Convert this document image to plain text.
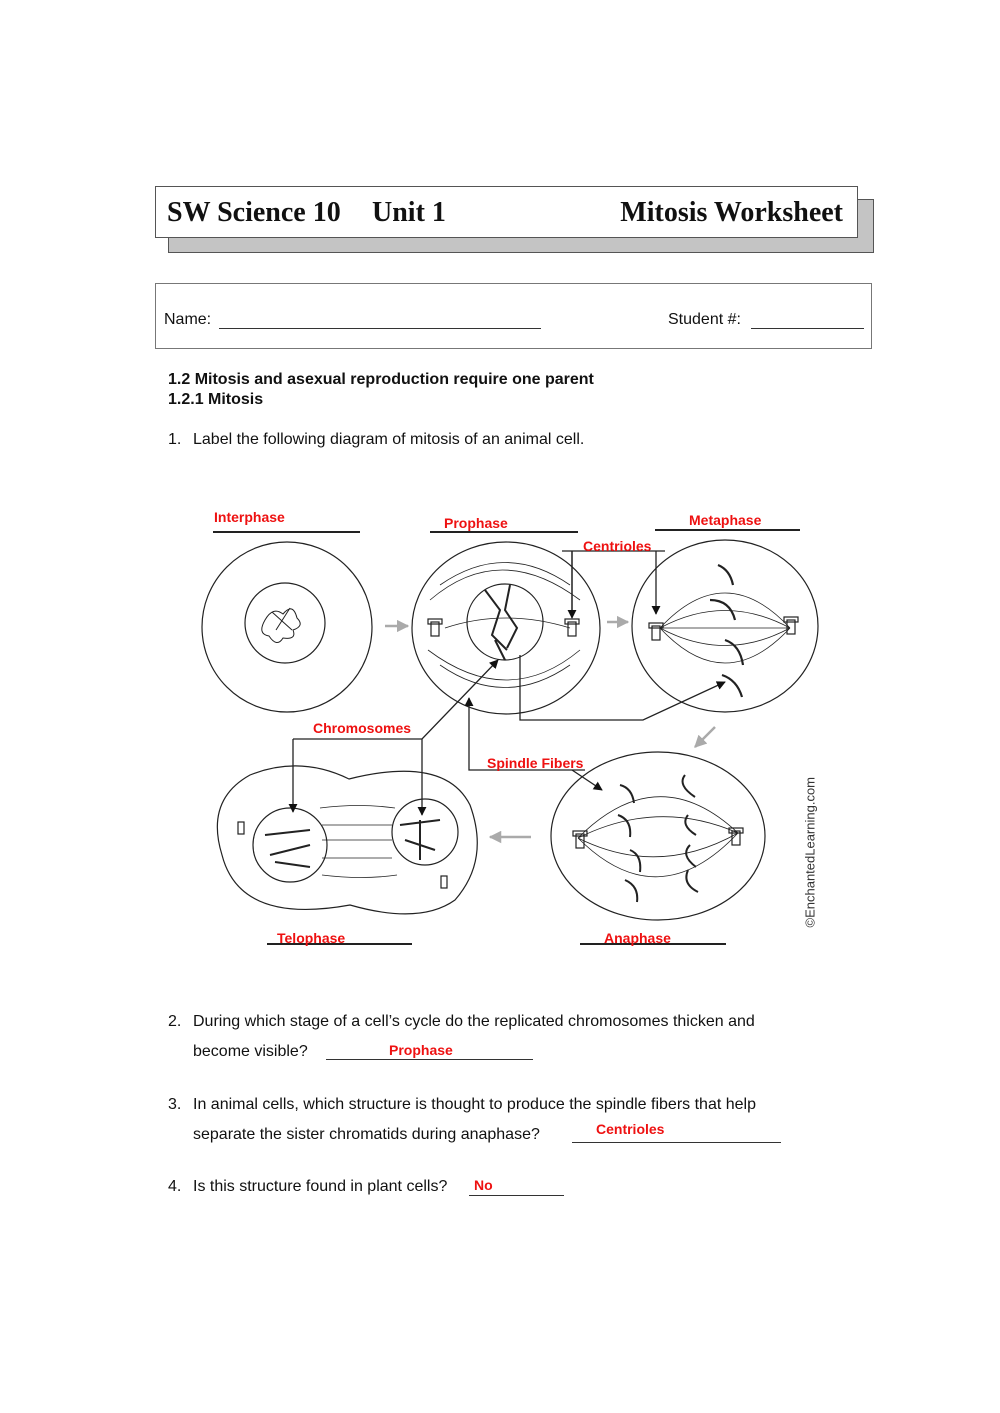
SW Science 10 Unit 1	Mitosis Worksheet
Name:	Student #:
1.2 Mitosis and asexual reproduction require one parent
1.2.1 Mitosis
1. Label the following diagram of mitosis of an animal cell.
Interphase	Prophase	Metaphase
Centrioles
Chromosomes
Spindle Fibers
Telophase	Anaphase
©EnchantedLearning.com
2. During which stage of a cell’s cycle do the replicated chromosomes thicken and
become visible?	Prophase
3. In animal cells, which structure is thought to produce the spindle fibers that help
separate the sister chromatids during anaphase?	Centrioles
4. Is this structure found in plant cells? No
